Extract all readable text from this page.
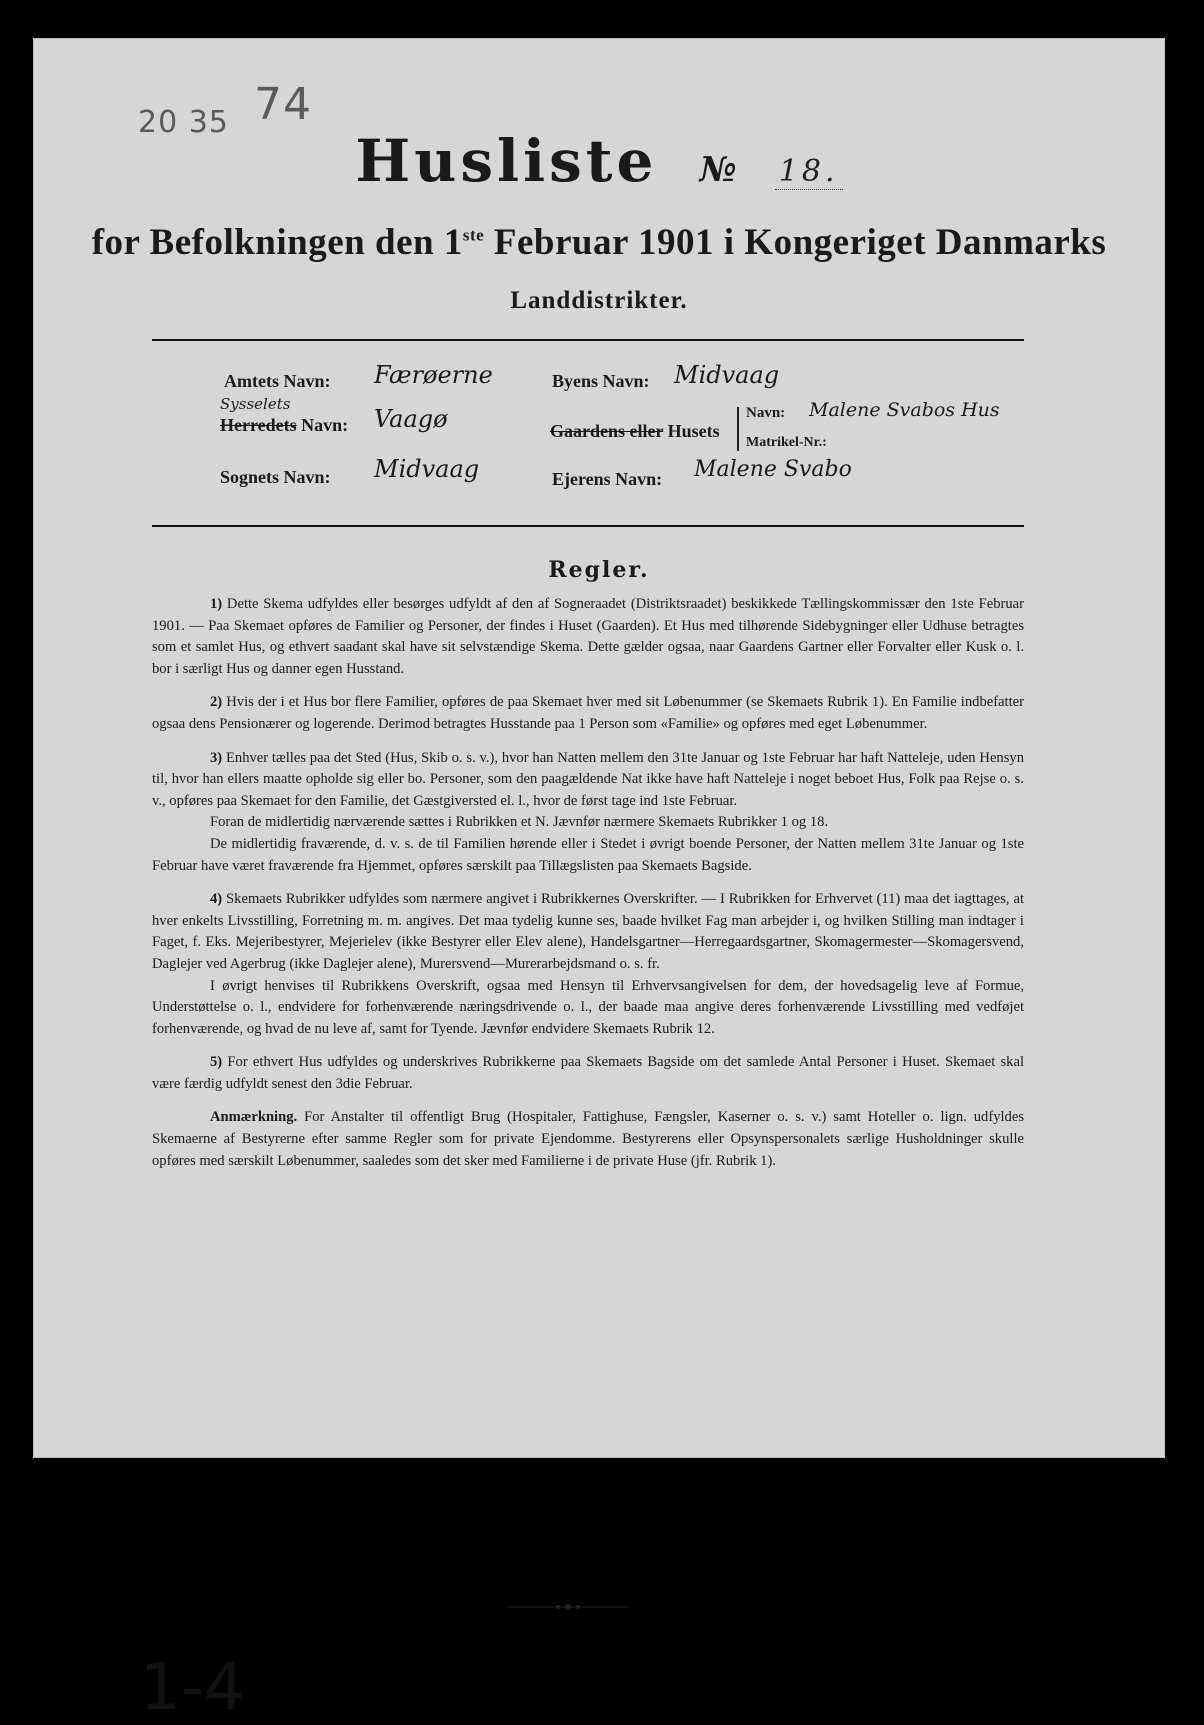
20 35 74
Husliste № 18.
for Befolkningen den 1ste Februar 1901 i Kongeriget Danmarks
Landdistrikter.
Amtets Navn: Færøerne
Sysselets
Herredets Navn: Vaagø
Sognets Navn: Midvaag
Byens Navn: Midvaag
Gaardens eller Husets
Navn: Malene Svabos Hus
Matrikel-Nr.:
Ejerens Navn: Malene Svabo
Regler.

1) Dette Skema udfyldes eller besørges udfyldt af den af Sogneraadet (Distriktsraadet) beskikkede Tællingskommissær den 1ste Februar 1901. — Paa Skemaet opføres de Familier og Personer, der findes i Huset (Gaarden). Et Hus med tilhørende Sidebygninger eller Udhuse betragtes som et samlet Hus, og ethvert saadant skal have sit selvstændige Skema. Dette gælder ogsaa, naar Gaardens Gartner eller Forvalter eller Kusk o. l. bor i særligt Hus og danner egen Husstand.

2) Hvis der i et Hus bor flere Familier, opføres de paa Skemaet hver med sit Løbenummer (se Skemaets Rubrik 1). En Familie indbefatter ogsaa dens Pensionærer og logerende. Derimod betragtes Husstande paa 1 Person som «Familie» og opføres med eget Løbenummer.

3) Enhver tælles paa det Sted (Hus, Skib o. s. v.), hvor han Natten mellem den 31te Januar og 1ste Februar har haft Natteleje, uden Hensyn til, hvor han ellers maatte opholde sig eller bo. Personer, som den paagældende Nat ikke have haft Natteleje i noget beboet Hus, Folk paa Rejse o. s. v., opføres paa Skemaet for den Familie, det Gæstgiversted el. l., hvor de først tage ind 1ste Februar.

Foran de midlertidig nærværende sættes i Rubrikken et N. Jævnfør nærmere Skemaets Rubrikker 1 og 18.

De midlertidig fraværende, d. v. s. de til Familien hørende eller i Stedet i øvrigt boende Personer, der Natten mellem 31te Januar og 1ste Februar have været fraværende fra Hjemmet, opføres særskilt paa Tillægslisten paa Skemaets Bagside.

4) Skemaets Rubrikker udfyldes som nærmere angivet i Rubrikkernes Overskrifter. — I Rubrikken for Erhvervet (11) maa det iagttages, at hver enkelts Livsstilling, Forretning m. m. angives. Det maa tydelig kunne ses, baade hvilket Fag man arbejder i, og hvilken Stilling man indtager i Faget, f. Eks. Mejeribestyrer, Mejerielev (ikke Bestyrer eller Elev alene), Handelsgartner—Herregaardsgartner, Skomagermester—Skomagersvend, Daglejer ved Agerbrug (ikke Daglejer alene), Murersvend—Murerarbejdsmand o. s. fr.

I øvrigt henvises til Rubrikkens Overskrift, ogsaa med Hensyn til Erhvervsangivelsen for dem, der hovedsagelig leve af Formue, Understøttelse o. l., endvidere for forhenværende næringsdrivende o. l., der baade maa angive deres forhenværende Livsstilling med vedføjet forhenværende, og hvad de nu leve af, samt for Tyende. Jævnfør endvidere Skemaets Rubrik 12.

5) For ethvert Hus udfyldes og underskrives Rubrikkerne paa Skemaets Bagside om det samlede Antal Personer i Huset. Skemaet skal være færdig udfyldt senest den 3die Februar.

Anmærkning. For Anstalter til offentligt Brug (Hospitaler, Fattighuse, Fængsler, Kaserner o. s. v.) samt Hoteller o. lign. udfyldes Skemaerne af Bestyrerne efter samme Regler som for private Ejendomme. Bestyrerens eller Opsynspersonalets særlige Husholdninger skulle opføres med særskilt Løbenummer, saaledes som det sker med Familierne i de private Huse (jfr. Rubrik 1).

1-4
